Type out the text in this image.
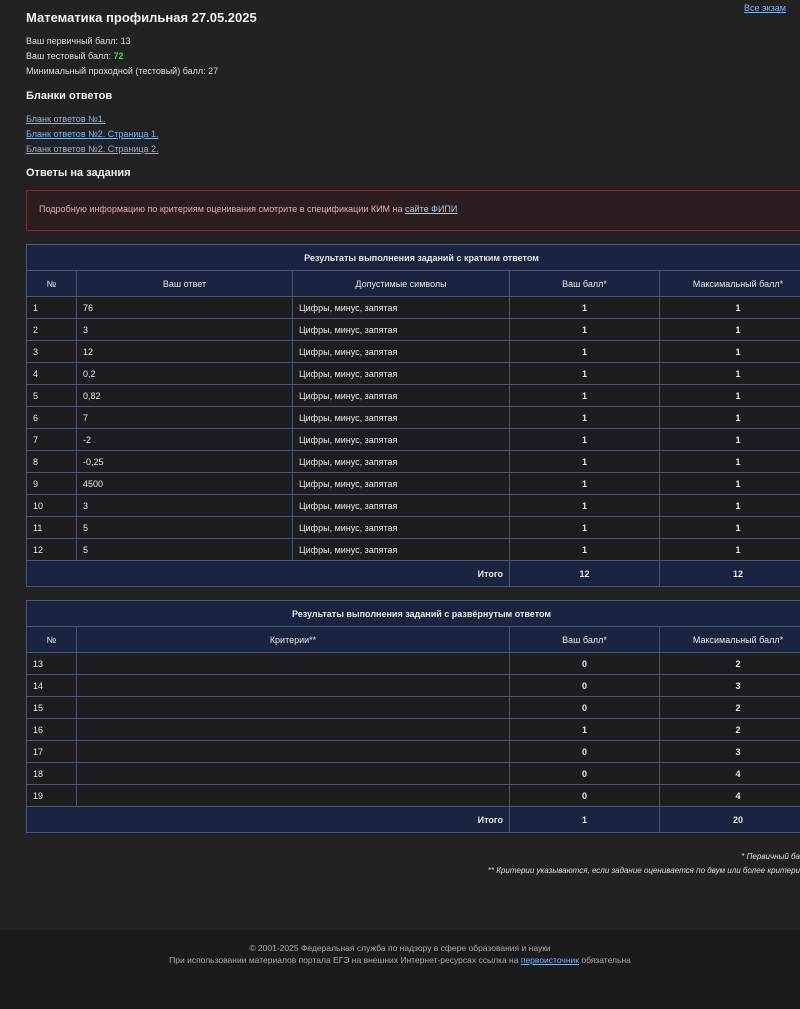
Все экзам
Математика профильная 27.05.2025
Ваш первичный балл: 13
Ваш тестовый балл: 72
Минимальный проходной (тестовый) балл: 27
Бланки ответов
Бланк ответов №1.
Бланк ответов №2. Страница 1.
Бланк ответов №2. Страница 2.
Ответы на задания
Подробную информацию по критериям оценивания смотрите в спецификации КИМ на сайте ФИПИ
Результаты выполнения заданий с кратким ответом				
№	Ваш ответ	Допустимые символы	Ваш балл*	Максимальный балл*
1	76	Цифры, минус, запятая	1	1
2	3	Цифры, минус, запятая	1	1
3	12	Цифры, минус, запятая	1	1
4	0,2	Цифры, минус, запятая	1	1
5	0,82	Цифры, минус, запятая	1	1
6	7	Цифры, минус, запятая	1	1
7	-2	Цифры, минус, запятая	1	1
8	-0,25	Цифры, минус, запятая	1	1
9	4500	Цифры, минус, запятая	1	1
10	3	Цифры, минус, запятая	1	1
11	5	Цифры, минус, запятая	1	1
12	5	Цифры, минус, запятая	1	1
Итого			12	12
Результаты выполнения заданий с развёрнутым ответом			
№	Критерии**	Ваш балл*	Максимальный балл*
13		0	2
14		0	3
15		0	2
16		1	2
17		0	3
18		0	4
19		0	4
Итого		1	20
* Первичный ба
** Критерии указываются, если задание оценивается по двум или более критери
© 2001-2025 Федеральная служба по надзору в сфере образования и науки
При использовании материалов портала ЕГЭ на внешних Интернет-ресурсах ссылка на первоисточник обязательна
